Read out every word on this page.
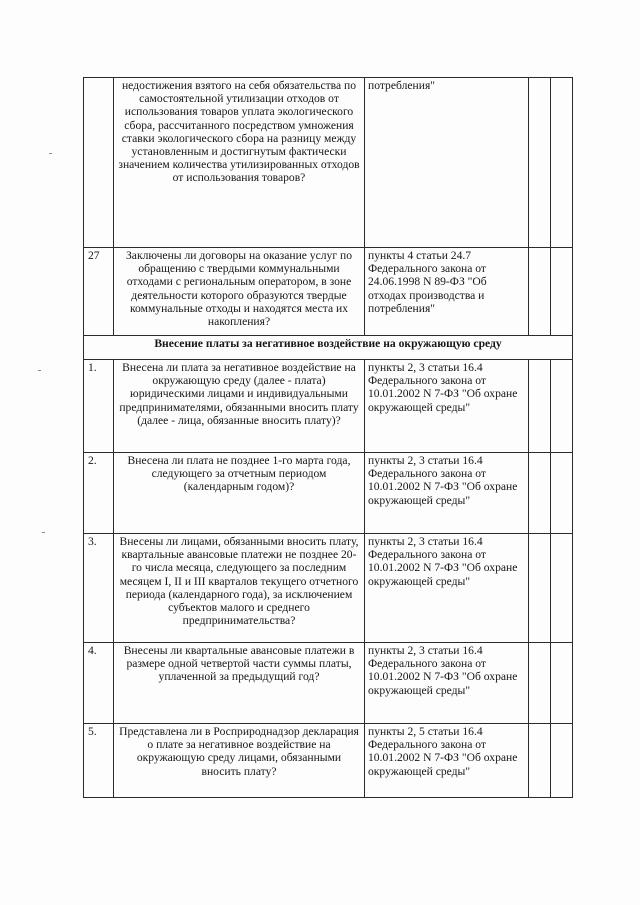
	недостижения взятого на себя обязательства по самостоятельной утилизации отходов от использования товаров уплата экологического сбора, рассчитанного посредством умножения ставки экологического сбора на разницу между установленным и достигнутым фактически значением количества утилизированных отходов от использования товаров?	потребления"		
27	Заключены ли договоры на оказание услуг по обращению с твердыми коммунальными отходами с региональным оператором, в зоне деятельности которого образуются твердые коммунальные отходы и находятся места их накопления?	пункты 4 статьи 24.7 Федерального закона от 24.06.1998 N 89-ФЗ "Об отходах производства и потребления"		
Внесение платы за негативное воздействие на окружающую среду				
1.	Внесена ли плата за негативное воздействие на окружающую среду (далее - плата) юридическими лицами и индивидуальными предпринимателями, обязанными вносить плату (далее - лица, обязанные вносить плату)?	пункты 2, 3 статьи 16.4 Федерального закона от 10.01.2002 N 7-ФЗ "Об охране окружающей среды"		
2.	Внесена ли плата не позднее 1-го марта года, следующего за отчетным периодом (календарным годом)?	пункты 2, 3 статьи 16.4 Федерального закона от 10.01.2002 N 7-ФЗ "Об охране окружающей среды"		
3.	Внесены ли лицами, обязанными вносить плату, квартальные авансовые платежи не позднее 20-го числа месяца, следующего за последним месяцем I, II и III кварталов текущего отчетного периода (календарного года), за исключением субъектов малого и среднего предпринимательства?	пункты 2, 3 статьи 16.4 Федерального закона от 10.01.2002 N 7-ФЗ "Об охране окружающей среды"		
4.	Внесены ли квартальные авансовые платежи в размере одной четвертой части суммы платы, уплаченной за предыдущий год?	пункты 2, 3 статьи 16.4 Федерального закона от 10.01.2002 N 7-ФЗ "Об охране окружающей среды"		
5.	Представлена ли в Росприроднадзор декларация о плате за негативное воздействие на окружающую среду лицами, обязанными вносить плату?	пункты 2, 5 статьи 16.4 Федерального закона от 10.01.2002 N 7-ФЗ "Об охране окружающей среды"		
